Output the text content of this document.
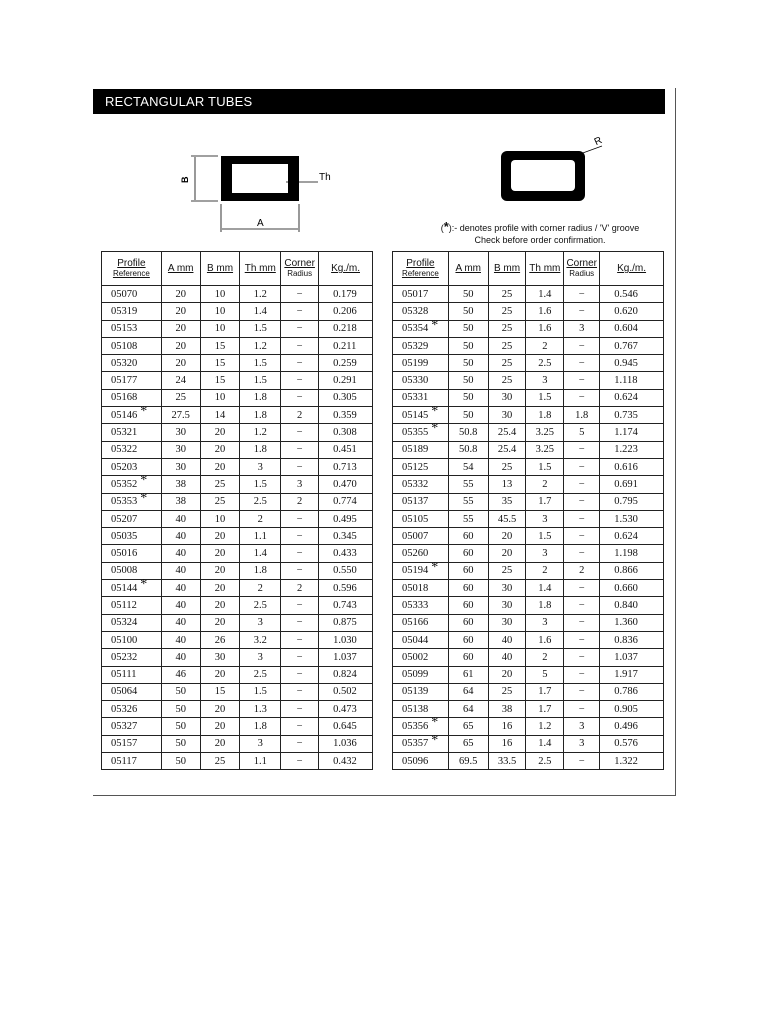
RECTANGULAR TUBES
B
A
Th
R
(*):- denotes profile with corner radius / 'V' groove
Check before order confirmation.
Profile
Reference	A mm	B mm	Th mm	Corner
Radius	Kg./m.

05070	20	10	1.2	−	0.179
05319	20	10	1.4	−	0.206
05153	20	10	1.5	−	0.218
05108	20	15	1.2	−	0.211
05320	20	15	1.5	−	0.259
05177	24	15	1.5	−	0.291
05168	25	10	1.8	−	0.305
05146 *	27.5	14	1.8	2	0.359
05321	30	20	1.2	−	0.308
05322	30	20	1.8	−	0.451
05203	30	20	3	−	0.713
05352 *	38	25	1.5	3	0.470
05353 *	38	25	2.5	2	0.774
05207	40	10	2	−	0.495
05035	40	20	1.1	−	0.345
05016	40	20	1.4	−	0.433
05008	40	20	1.8	−	0.550
05144 *	40	20	2	2	0.596
05112	40	20	2.5	−	0.743
05324	40	20	3	−	0.875
05100	40	26	3.2	−	1.030
05232	40	30	3	−	1.037
05111	46	20	2.5	−	0.824
05064	50	15	1.5	−	0.502
05326	50	20	1.3	−	0.473
05327	50	20	1.8	−	0.645
05157	50	20	3	−	1.036
05117	50	25	1.1	−	0.432
Profile
Reference	A mm	B mm	Th mm	Corner
Radius	Kg./m.

05017	50	25	1.4	−	0.546
05328	50	25	1.6	−	0.620
05354 *	50	25	1.6	3	0.604
05329	50	25	2	−	0.767
05199	50	25	2.5	−	0.945
05330	50	25	3	−	1.118
05331	50	30	1.5	−	0.624
05145 *	50	30	1.8	1.8	0.735
05355 *	50.8	25.4	3.25	5	1.174
05189	50.8	25.4	3.25	−	1.223
05125	54	25	1.5	−	0.616
05332	55	13	2	−	0.691
05137	55	35	1.7	−	0.795
05105	55	45.5	3	−	1.530
05007	60	20	1.5	−	0.624
05260	60	20	3	−	1.198
05194 *	60	25	2	2	0.866
05018	60	30	1.4	−	0.660
05333	60	30	1.8	−	0.840
05166	60	30	3	−	1.360
05044	60	40	1.6	−	0.836
05002	60	40	2	−	1.037
05099	61	20	5	−	1.917
05139	64	25	1.7	−	0.786
05138	64	38	1.7	−	0.905
05356 *	65	16	1.2	3	0.496
05357 *	65	16	1.4	3	0.576
05096	69.5	33.5	2.5	−	1.322
